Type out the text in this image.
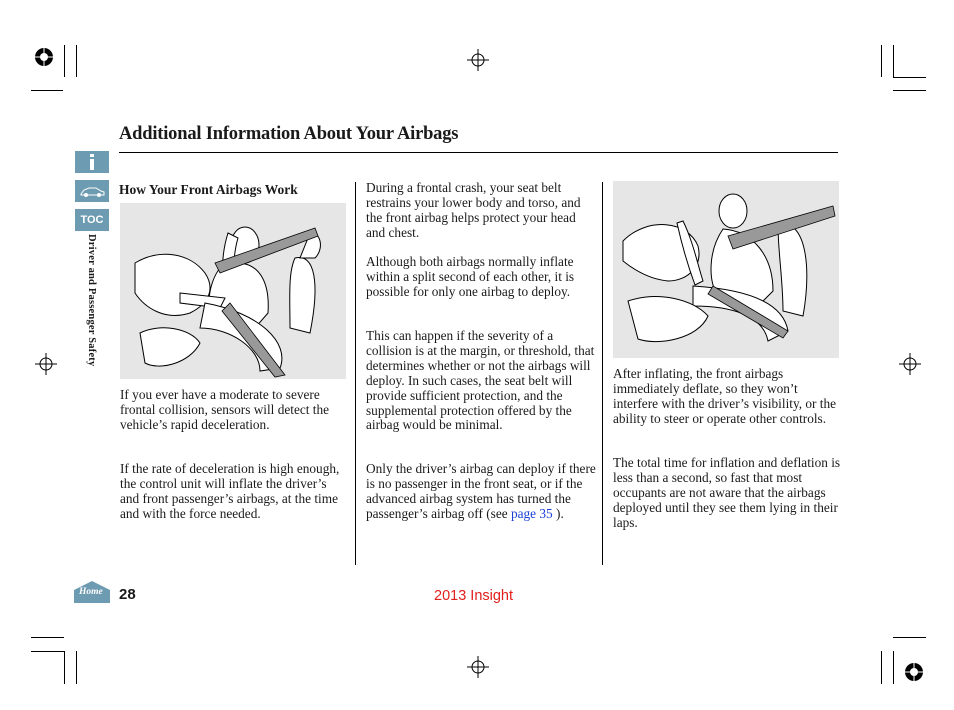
TOC
Driver and Passenger Safety
Home
Additional Information About Your Airbags
How Your Front Airbags Work

If you ever have a moderate to severe frontal collision, sensors will detect the vehicle’s rapid deceleration.

If the rate of deceleration is high enough, the control unit will inflate the driver’s and front passenger’s airbags, at the time and with the force needed.

During a frontal crash, your seat belt restrains your lower body and torso, and the front airbag helps protect your head and chest.

Although both airbags normally inflate within a split second of each other, it is possible for only one airbag to deploy.

This can happen if the severity of a collision is at the margin, or threshold, that determines whether or not the airbags will deploy. In such cases, the seat belt will provide sufficient protection, and the supplemental protection offered by the airbag would be minimal.

Only the driver’s airbag can deploy if there is no passenger in the front seat, or if the advanced airbag system has turned the passenger’s airbag off (see page 35 ).

After inflating, the front airbags immediately deflate, so they won’t interfere with the driver’s visibility, or the ability to steer or operate other controls.

The total time for inflation and deflation is less than a second, so fast that most occupants are not aware that the airbags deployed until they see them lying in their laps.

28	2013 Insight
